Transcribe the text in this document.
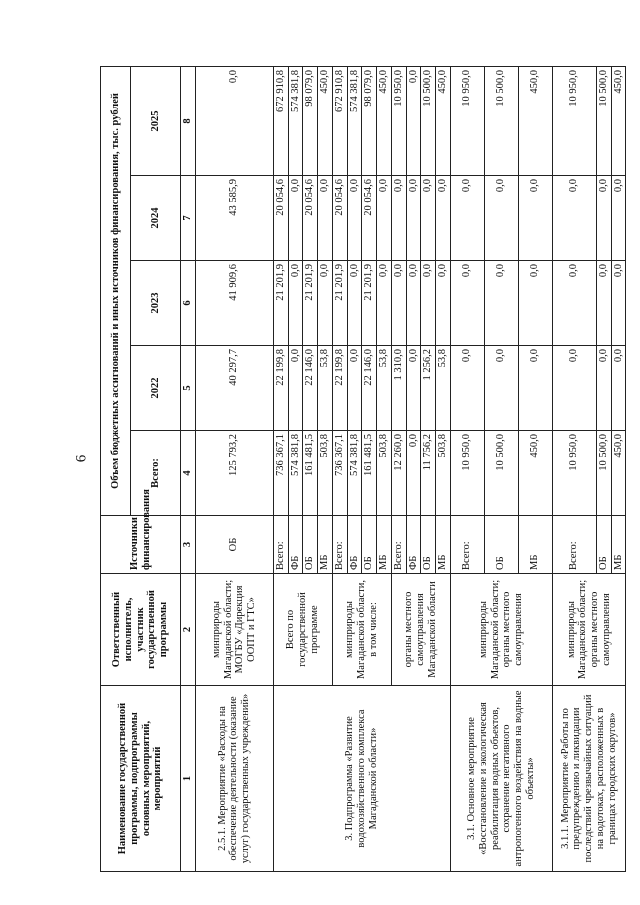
6
Наименование государственной программы, подпрограммы основных мероприятий, мероприятий	Ответственный исполнитель, участник государственной программы	Источники финансирования	Объем бюджетных ассигнований и иных источников финансирования, тыс. рублей				
			Всего:	2022	2023	2024	2025
1	2	3	4	5	6	7	8
2.5.1. Мероприятие «Расходы на обеспечение деятельности (оказание услуг) государственных учреждений»	минприроды Магаданской области; МОГБУ «Дирекция ООПТ и ГТС»	ОБ	125 793,2	40 297,7	41 909,6	43 585,9	0,0
3. Подпрограмма «Развитие водохозяйственного комплекса Магаданской области»	Всего по государственной программе	Всего:	736 367,1	22 199,8	21 201,9	20 054,6	672 910,8
		ФБ	574 381,8	0,0	0,0	0,0	574 381,8
		ОБ	161 481,5	22 146,0	21 201,9	20 054,6	98 079,0
		МБ	503,8	53,8	0,0	0,0	450,0
	минприроды Магаданской области, в том числе:	Всего:	736 367,1	22 199,8	21 201,9	20 054,6	672 910,8
		ФБ	574 381,8	0,0	0,0	0,0	574 381,8
		ОБ	161 481,5	22 146,0	21 201,9	20 054,6	98 079,0
		МБ	503,8	53,8	0,0	0,0	450,0
	органы местного самоуправления Магаданской области	Всего:	12 260,0	1 310,0	0,0	0,0	10 950,0
		ФБ	0,0	0,0	0,0	0,0	0,0
		ОБ	11 756,2	1 256,2	0,0	0,0	10 500,0
		МБ	503,8	53,8	0,0	0,0	450,0
3.1. Основное мероприятие «Восстановление и экологическая реабилитация водных объектов, сохранение негативного антропогенного воздействия на водные объекты»	минприроды Магаданской области; органы местного самоуправления	Всего:	10 950,0	0,0	0,0	0,0	10 950,0
		ОБ	10 500,0	0,0	0,0	0,0	10 500,0
		МБ	450,0	0,0	0,0	0,0	450,0
3.1.1. Мероприятие «Работы по предупреждению и ликвидации последствий чрезвычайных ситуаций на водотоках, расположенных в границах городских округов»	минприроды Магаданской области; органы местного самоуправления	Всего:	10 950,0	0,0	0,0	0,0	10 950,0
		ОБ	10 500,0	0,0	0,0	0,0	10 500,0
		МБ	450,0	0,0	0,0	0,0	450,0
